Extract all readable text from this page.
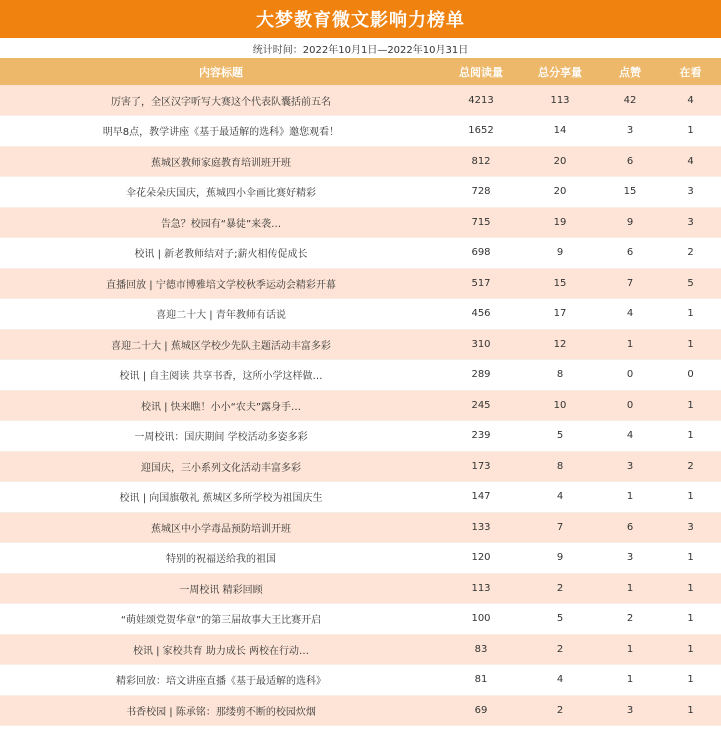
大梦教育微文影响力榜单
统计时间：2022年10月1日—2022年10月31日
内容标题	总阅读量	总分享量	点赞	在看
厉害了，全区汉字听写大赛这个代表队囊括前五名	4213	113	42	4
明早8点，教学讲座《基于最适解的选科》邀您观看！	1652	14	3	1
蕉城区教师家庭教育培训班开班	812	20	6	4
伞花朵朵庆国庆，蕉城四小伞画比赛好精彩	728	20	15	3
告急？校园有“暴徒”来袭…	715	19	9	3
校讯 | 新老教师结对子;薪火相传促成长	698	9	6	2
直播回放 | 宁德市博雅培文学校秋季运动会精彩开幕	517	15	7	5
喜迎二十大 | 青年教师有话说	456	17	4	1
喜迎二十大 | 蕉城区学校少先队主题活动丰富多彩	310	12	1	1
校讯 | 自主阅读 共享书香，这所小学这样做…	289	8	0	0
校讯 | 快来瞧！小小“农夫”露身手…	245	10	0	1
一周校讯：国庆期间 学校活动多姿多彩	239	5	4	1
迎国庆，三小系列文化活动丰富多彩	173	8	3	2
校讯 | 向国旗敬礼 蕉城区多所学校为祖国庆生	147	4	1	1
蕉城区中小学毒品预防培训开班	133	7	6	3
特别的祝福送给我的祖国	120	9	3	1
一周校讯 精彩回顾	113	2	1	1
“萌娃颂党贺华章”的第三届故事大王比赛开启	100	5	2	1
校讯 | 家校共育 助力成长 两校在行动…	83	2	1	1
精彩回放：培文讲座直播《基于最适解的选科》	81	4	1	1
书香校园 | 陈承铭：那缕剪不断的校园炊烟	69	2	3	1
